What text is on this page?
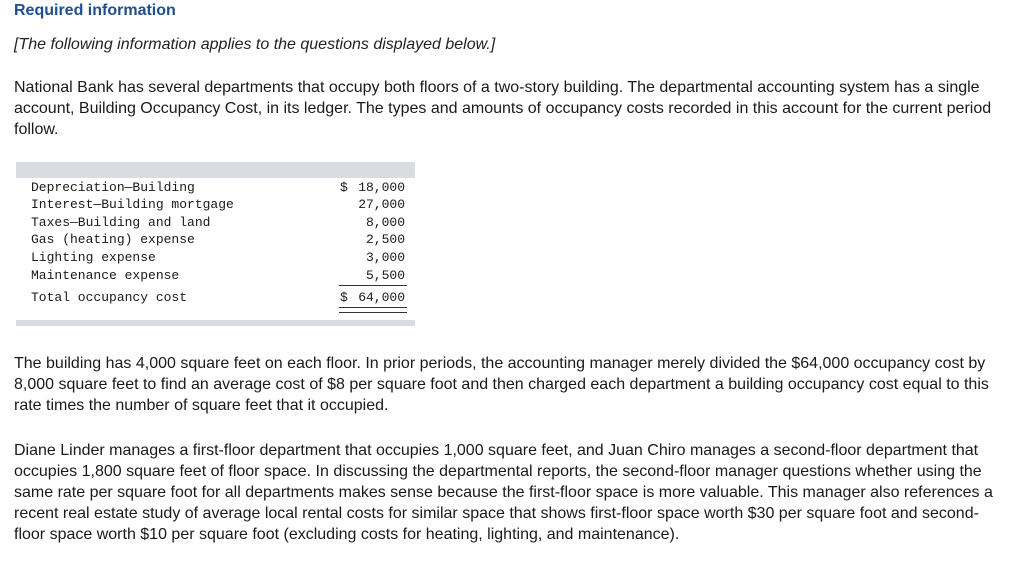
Required information
[The following information applies to the questions displayed below.]
National Bank has several departments that occupy both floors of a two-story building. The departmental accounting system has a single account, Building Occupancy Cost, in its ledger. The types and amounts of occupancy costs recorded in this account for the current period follow.
Depreciation—Building	$ 18,000
Interest—Building mortgage	27,000
Taxes—Building and land	8,000
Gas (heating) expense	2,500
Lighting expense	3,000
Maintenance expense	5,500
Total occupancy cost	$ 64,000
The building has 4,000 square feet on each floor. In prior periods, the accounting manager merely divided the $64,000 occupancy cost by 8,000 square feet to find an average cost of $8 per square foot and then charged each department a building occupancy cost equal to this rate times the number of square feet that it occupied.
Diane Linder manages a first-floor department that occupies 1,000 square feet, and Juan Chiro manages a second-floor department that occupies 1,800 square feet of floor space. In discussing the departmental reports, the second-floor manager questions whether using the same rate per square foot for all departments makes sense because the first-floor space is more valuable. This manager also references a recent real estate study of average local rental costs for similar space that shows first-floor space worth $30 per square foot and second-floor space worth $10 per square foot (excluding costs for heating, lighting, and maintenance).
